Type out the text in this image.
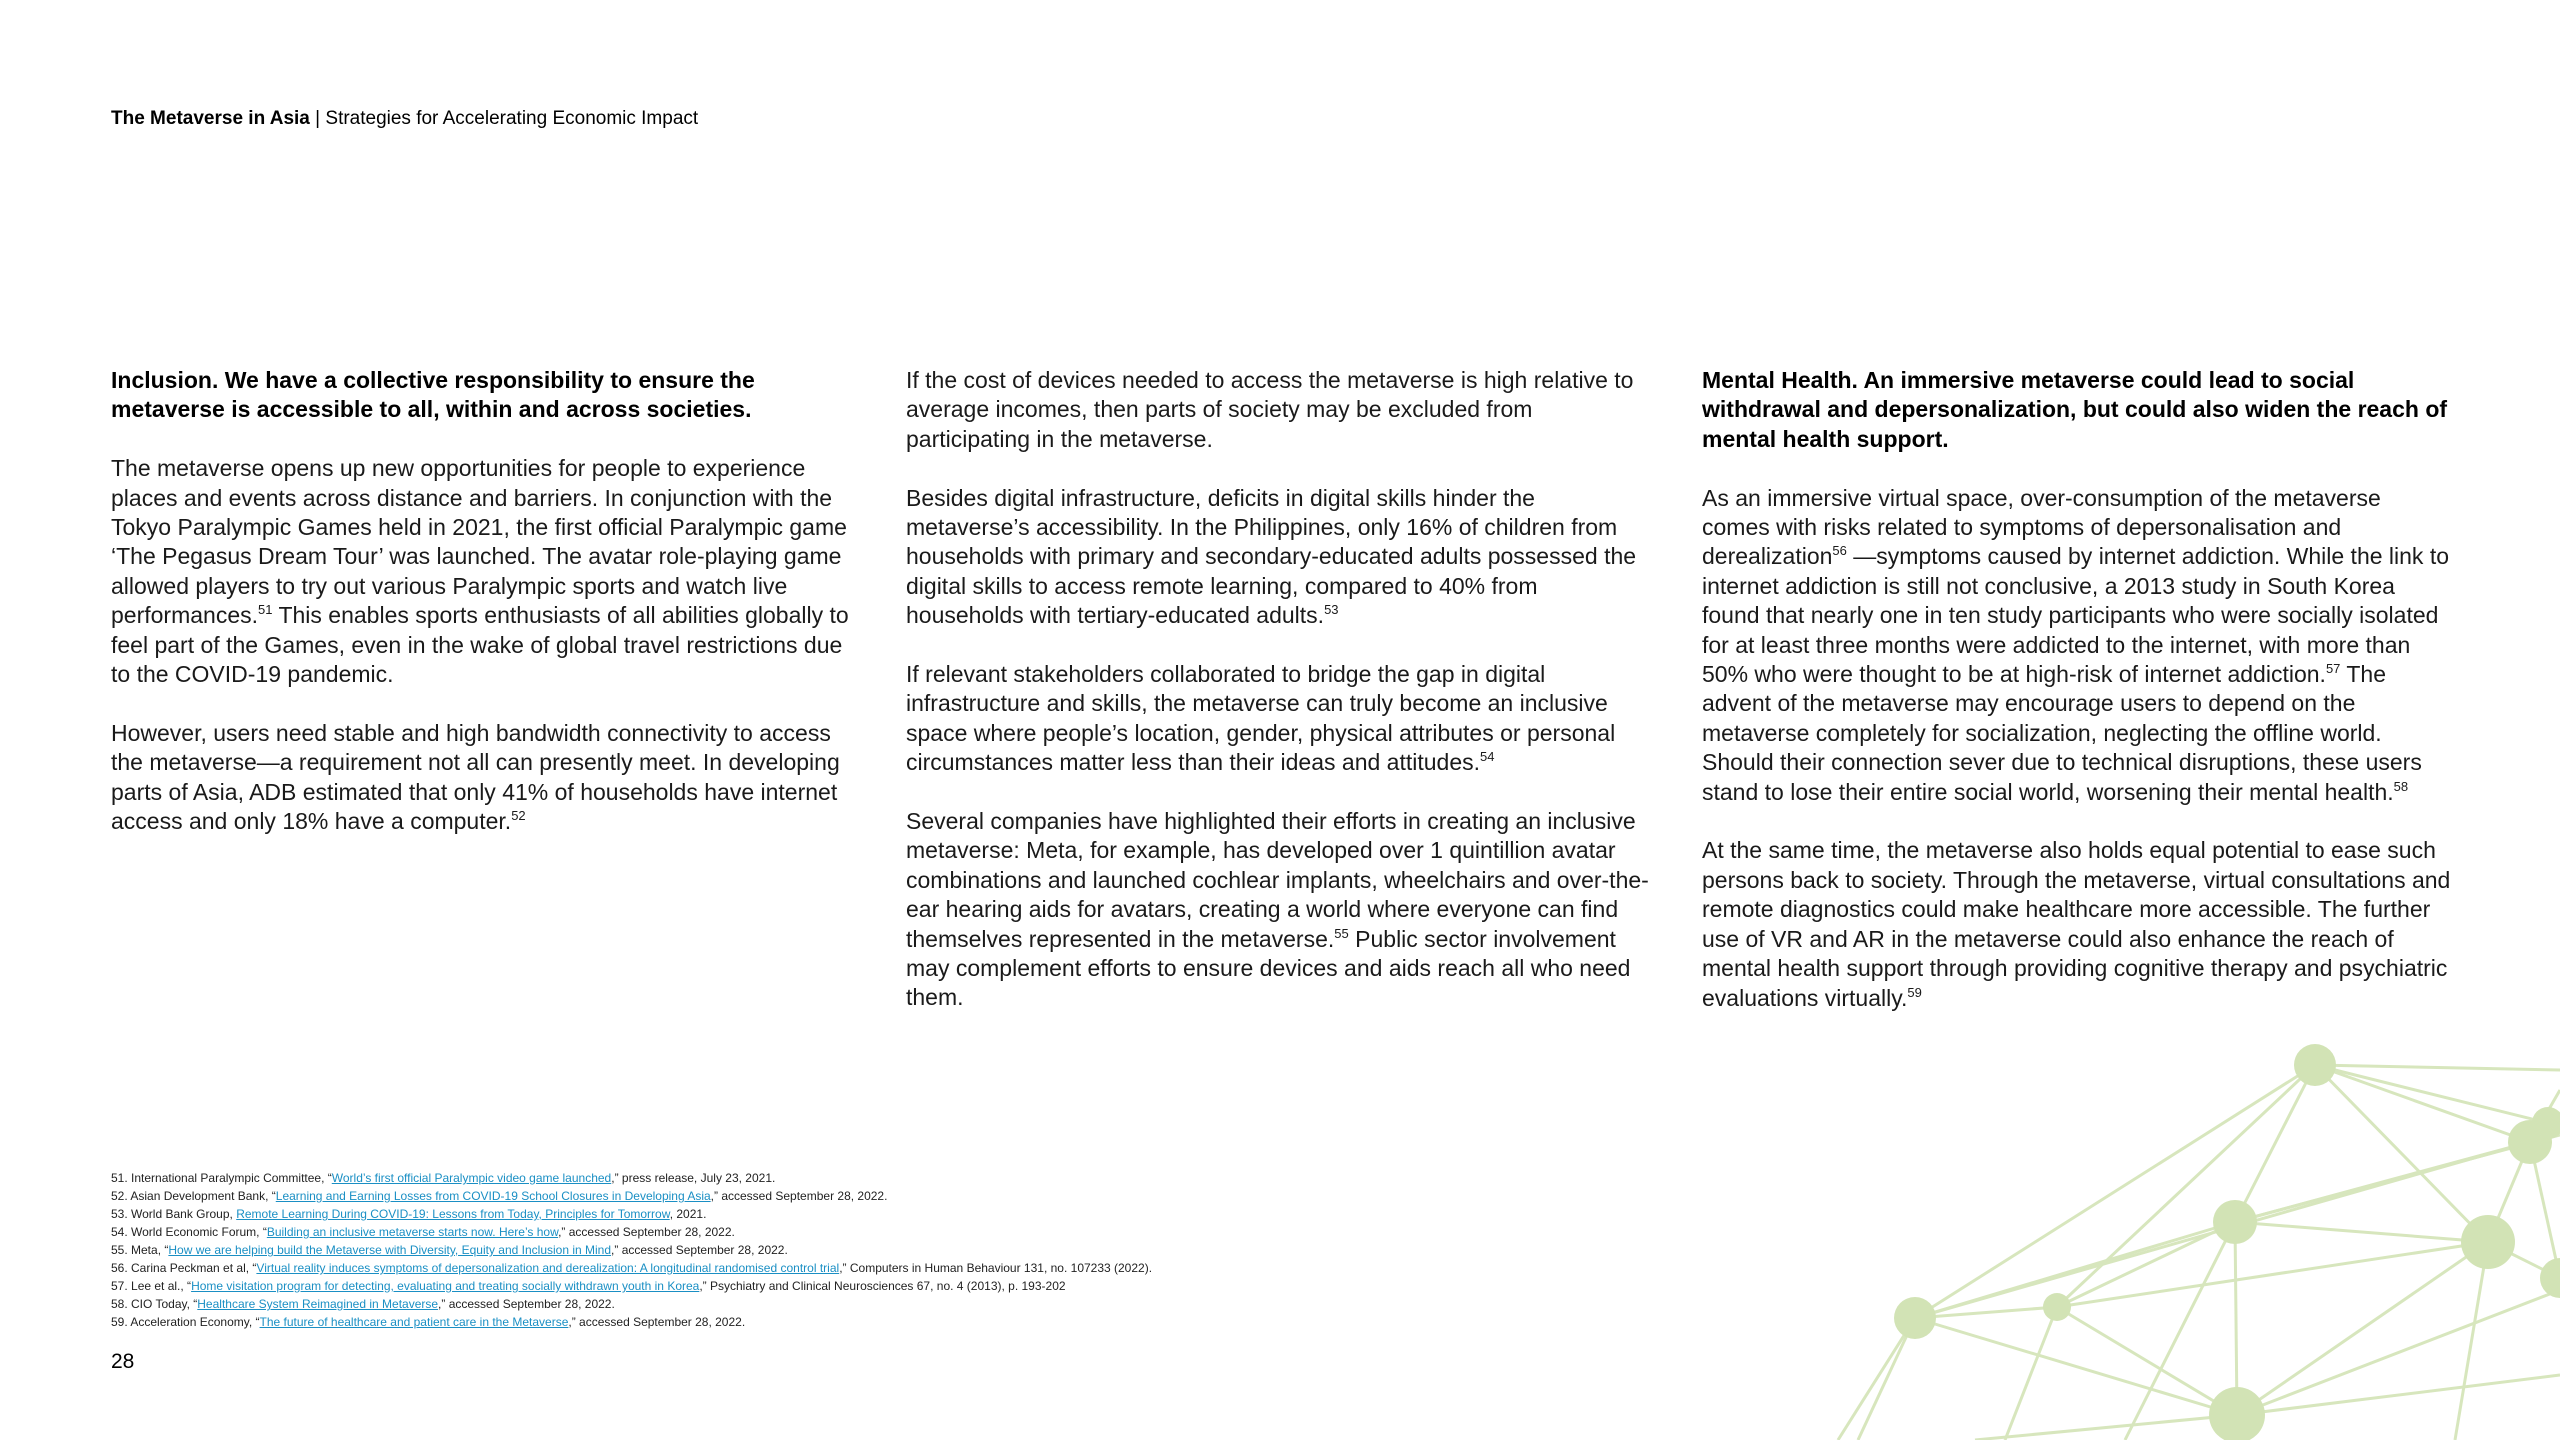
The Metaverse in Asia | Strategies for Accelerating Economic Impact

Inclusion. We have a collective responsibility to ensure the metaverse is accessible to all, within and across societies.

The metaverse opens up new opportunities for people to experience places and events across distance and barriers. In conjunction with the Tokyo Paralympic Games held in 2021, the first official Paralympic game ‘The Pegasus Dream Tour’ was launched. The avatar role-playing game allowed players to try out various Paralympic sports and watch live performances.$^{51}$ This enables sports enthusiasts of all abilities globally to feel part of the Games, even in the wake of global travel restrictions due to the COVID-19 pandemic.

However, users need stable and high bandwidth connectivity to access the metaverse—a requirement not all can presently meet. In developing parts of Asia, ADB estimated that only 41% of households have internet access and only 18% have a computer.$^{52}$

If the cost of devices needed to access the metaverse is high relative to average incomes, then parts of society may be excluded from participating in the metaverse.

Besides digital infrastructure, deficits in digital skills hinder the metaverse’s accessibility. In the Philippines, only 16% of children from households with primary and secondary-educated adults possessed the digital skills to access remote learning, compared to 40% from households with tertiary-educated adults.$^{53}$

If relevant stakeholders collaborated to bridge the gap in digital infrastructure and skills, the metaverse can truly become an inclusive space where people’s location, gender, physical attributes or personal circumstances matter less than their ideas and attitudes.$^{54}$

Several companies have highlighted their efforts in creating an inclusive metaverse: Meta, for example, has developed over 1 quintillion avatar combinations and launched cochlear implants, wheelchairs and over-the-ear hearing aids for avatars, creating a world where everyone can find themselves represented in the metaverse.$^{55}$ Public sector involvement may complement efforts to ensure devices and aids reach all who need them.

Mental Health. An immersive metaverse could lead to social withdrawal and depersonalization, but could also widen the reach of mental health support.

As an immersive virtual space, over-consumption of the metaverse comes with risks related to symptoms of depersonalisation and derealization$^{56}$ —symptoms caused by internet addiction. While the link to internet addiction is still not conclusive, a 2013 study in South Korea found that nearly one in ten study participants who were socially isolated for at least three months were addicted to the internet, with more than 50% who were thought to be at high-risk of internet addiction.$^{57}$ The advent of the metaverse may encourage users to depend on the metaverse completely for socialization, neglecting the offline world. Should their connection sever due to technical disruptions, these users stand to lose their entire social world, worsening their mental health.$^{58}$

At the same time, the metaverse also holds equal potential to ease such persons back to society. Through the metaverse, virtual consultations and remote diagnostics could make healthcare more accessible. The further use of VR and AR in the metaverse could also enhance the reach of mental health support through providing cognitive therapy and psychiatric evaluations virtually.$^{59}$

51. International Paralympic Committee, “World’s first official Paralympic video game launched,” press release, July 23, 2021.
52. Asian Development Bank, “Learning and Earning Losses from COVID-19 School Closures in Developing Asia,” accessed September 28, 2022.
53. World Bank Group, Remote Learning During COVID-19: Lessons from Today, Principles for Tomorrow, 2021.
54. World Economic Forum, “Building an inclusive metaverse starts now. Here’s how,” accessed September 28, 2022.
55. Meta, “How we are helping build the Metaverse with Diversity, Equity and Inclusion in Mind,” accessed September 28, 2022.
56. Carina Peckman et al, “Virtual reality induces symptoms of depersonalization and derealization: A longitudinal randomised control trial,” Computers in Human Behaviour 131, no. 107233 (2022).
57. Lee et al., “Home visitation program for detecting, evaluating and treating socially withdrawn youth in Korea,” Psychiatry and Clinical Neurosciences 67, no. 4 (2013), p. 193-202
58. CIO Today, “Healthcare System Reimagined in Metaverse,” accessed September 28, 2022.
59. Acceleration Economy, “The future of healthcare and patient care in the Metaverse,” accessed September 28, 2022.
28
